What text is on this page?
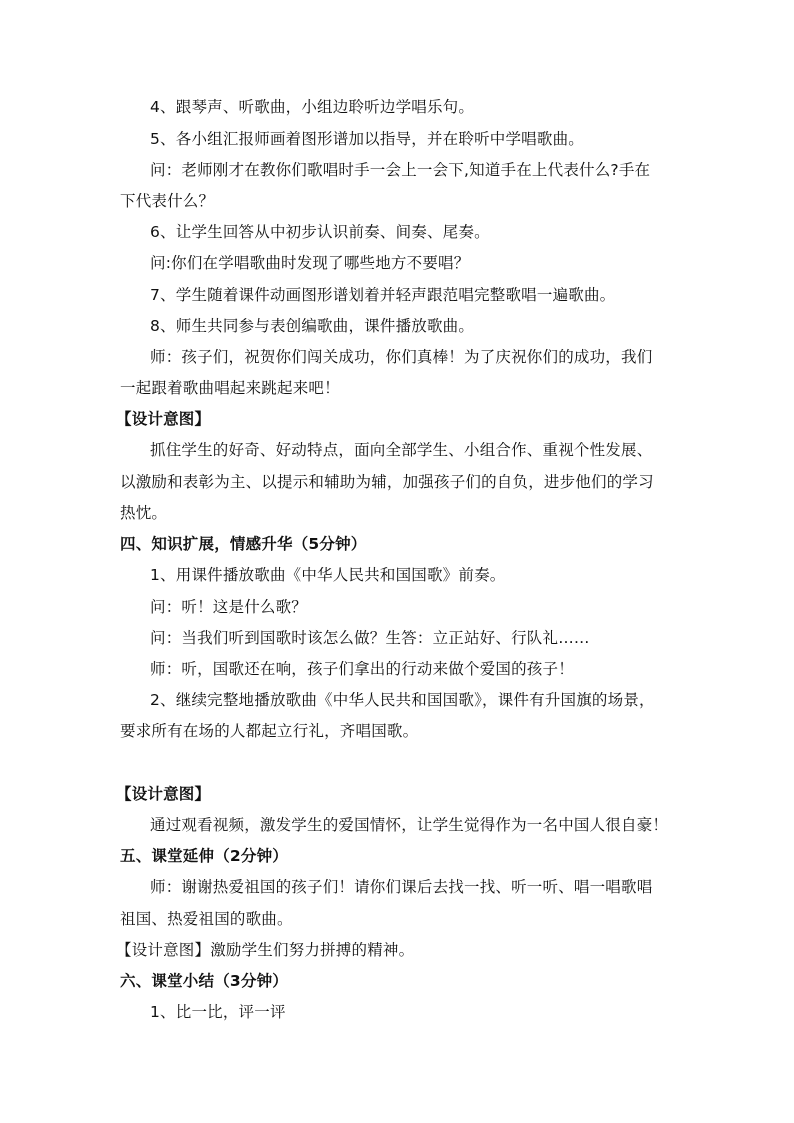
4、跟琴声、听歌曲，小组边聆听边学唱乐句。
5、各小组汇报师画着图形谱加以指导，并在聆听中学唱歌曲。
问：老师刚才在教你们歌唱时手一会上一会下,知道手在上代表什么?手在
下代表什么？
6、让学生回答从中初步认识前奏、间奏、尾奏。
问:你们在学唱歌曲时发现了哪些地方不要唱？
7、学生随着课件动画图形谱划着并轻声跟范唱完整歌唱一遍歌曲。
8、师生共同参与表创编歌曲，课件播放歌曲。
师：孩子们，祝贺你们闯关成功，你们真棒！为了庆祝你们的成功，我们
一起跟着歌曲唱起来跳起来吧！
【设计意图】
抓住学生的好奇、好动特点，面向全部学生、小组合作、重视个性发展、
以激励和表彰为主、以提示和辅助为辅，加强孩子们的自负，进步他们的学习
热忱。
四、知识扩展，情感升华（5分钟）
1、用课件播放歌曲《中华人民共和国国歌》前奏。
问：听！这是什么歌？
问：当我们听到国歌时该怎么做？生答：立正站好、行队礼……
师：听，国歌还在响，孩子们拿出的行动来做个爱国的孩子！
2、继续完整地播放歌曲《中华人民共和国国歌》，课件有升国旗的场景，
要求所有在场的人都起立行礼，齐唱国歌。
【设计意图】
通过观看视频，激发学生的爱国情怀，让学生觉得作为一名中国人很自豪！
五、课堂延伸（2分钟）
师：谢谢热爱祖国的孩子们！请你们课后去找一找、听一听、唱一唱歌唱
祖国、热爱祖国的歌曲。
【设计意图】激励学生们努力拼搏的精神。
六、课堂小结（3分钟）
1、比一比，评一评
